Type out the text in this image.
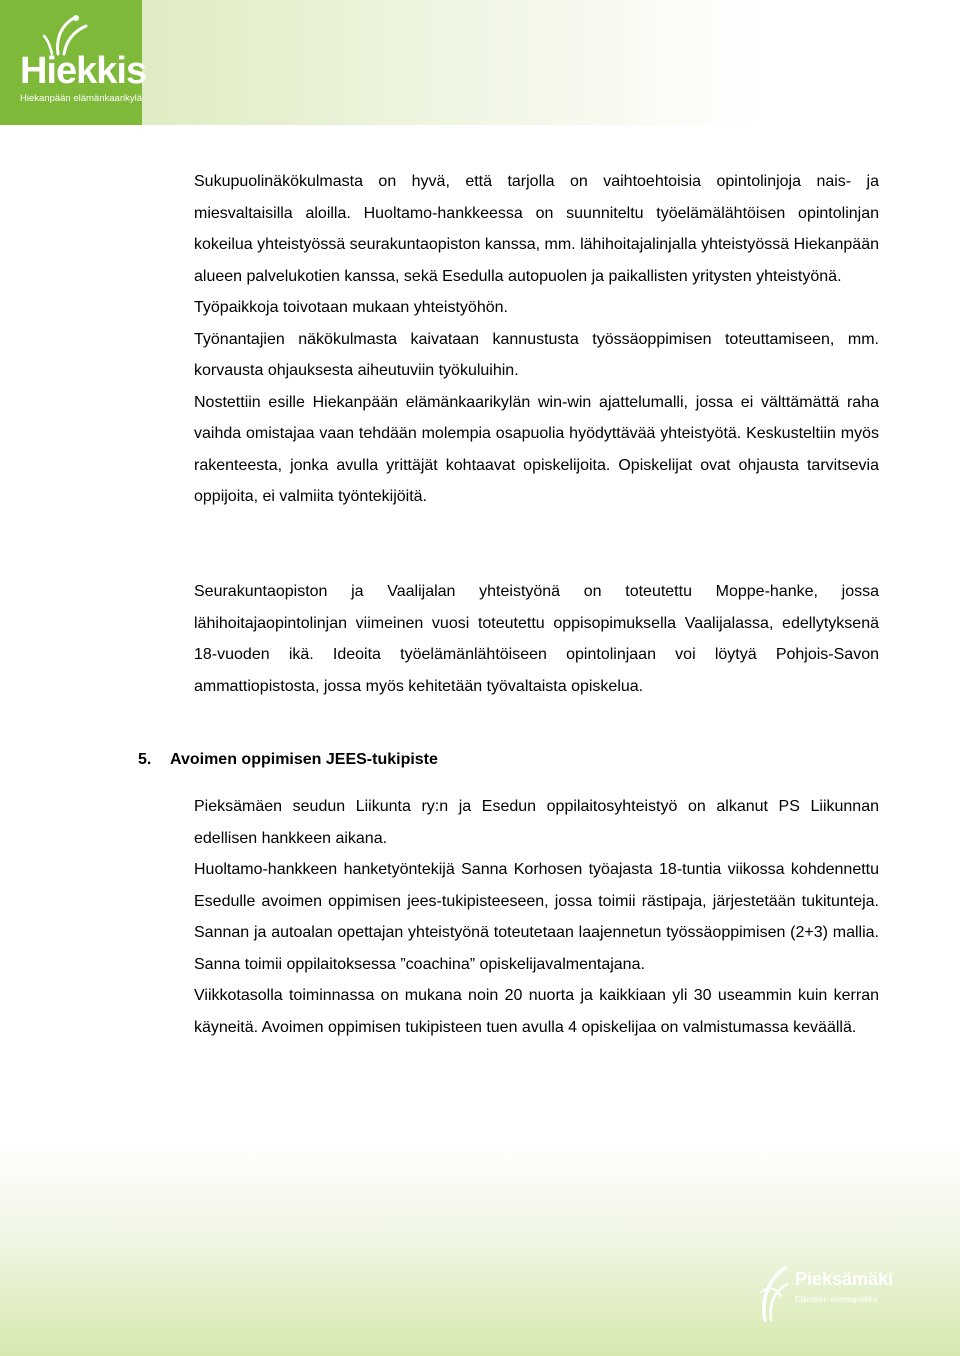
Hiekkis
Hiekanpään elämänkaarikylä

Sukupuolinäkökulmasta on hyvä, että tarjolla on vaihtoehtoisia opintolinjoja nais- ja miesvaltaisilla aloilla. Huoltamo-hankkeessa on suunniteltu työelämälähtöisen opintolinjan kokeilua yhteistyössä seurakuntaopiston kanssa, mm. lähihoitajalinjalla yhteistyössä Hiekanpään alueen palvelukotien kanssa, sekä Esedulla autopuolen ja paikallisten yritysten yhteistyönä.

Työpaikkoja toivotaan mukaan yhteistyöhön.

Työnantajien näkökulmasta kaivataan kannustusta työssäoppimisen toteuttamiseen, mm. korvausta ohjauksesta aiheutuviin työkuluihin.

Nostettiin esille Hiekanpään elämänkaarikylän win-win ajattelumalli, jossa ei välttämättä raha vaihda omistajaa vaan tehdään molempia osapuolia hyödyttävää yhteistyötä. Keskusteltiin myös rakenteesta, jonka avulla yrittäjät kohtaavat opiskelijoita. Opiskelijat ovat ohjausta tarvitsevia oppijoita, ei valmiita työntekijöitä.

Seurakuntaopiston ja Vaalijalan yhteistyönä on toteutettu Moppe-hanke, jossa lähihoitajaopintolinjan viimeinen vuosi toteutettu oppisopimuksella Vaalijalassa, edellytyksenä 18-vuoden ikä. Ideoita työelämänlähtöiseen opintolinjaan voi löytyä Pohjois-Savon ammattiopistosta, jossa myös kehitetään työvaltaista opiskelua.

5. Avoimen oppimisen JEES-tukipiste

Pieksämäen seudun Liikunta ry:n ja Esedun oppilaitosyhteistyö on alkanut PS Liikunnan edellisen hankkeen aikana.

Huoltamo-hankkeen hanketyöntekijä Sanna Korhosen työajasta 18-tuntia viikossa kohdennettu Esedulle avoimen oppimisen jees-tukipisteeseen, jossa toimii rästipaja, järjestetään tukitunteja. Sannan ja autoalan opettajan yhteistyönä toteutetaan laajennetun työssäoppimisen (2+3) mallia. Sanna toimii oppilaitoksessa ”coachina” opiskelijavalmentajana.

Viikkotasolla toiminnassa on mukana noin 20 nuorta ja kaikkiaan yli 30 useammin kuin kerran käyneitä. Avoimen oppimisen tukipisteen tuen avulla 4 opiskelijaa on valmistumassa keväällä.

Pieksämäki
Elämisen asemapaikka
